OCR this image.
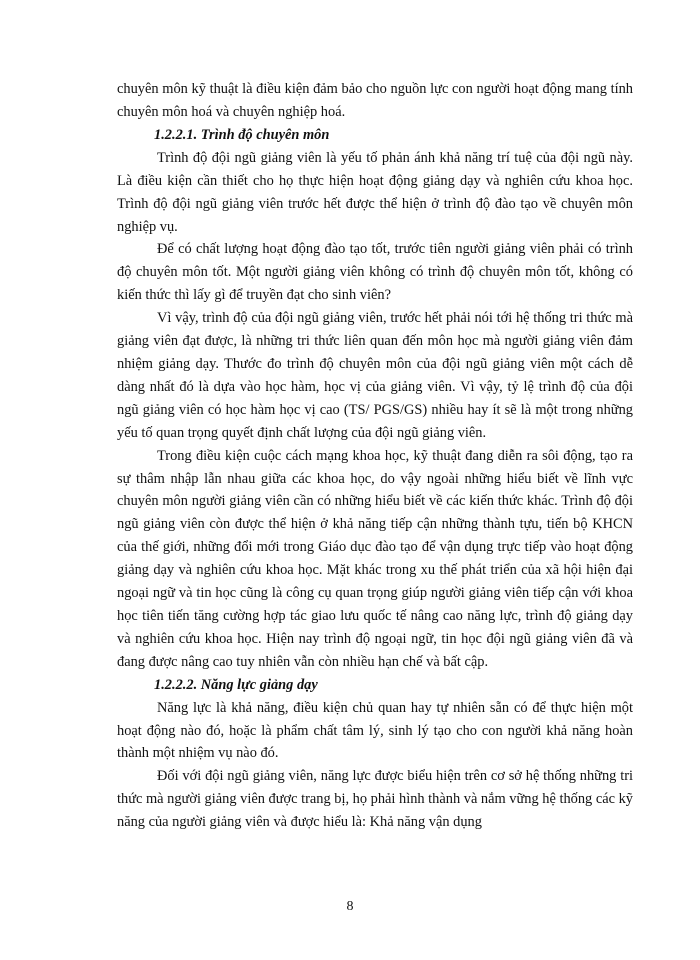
chuyên môn kỹ thuật là điều kiện đảm bảo cho nguồn lực con người hoạt động mang tính chuyên môn hoá và chuyên nghiệp hoá.

1.2.2.1. Trình độ chuyên môn

Trình độ đội ngũ giảng viên là yếu tố phản ánh khả năng trí tuệ của đội ngũ này. Là điều kiện cần thiết cho họ thực hiện hoạt động giảng dạy và nghiên cứu khoa học. Trình độ đội ngũ giảng viên trước hết được thể hiện ở trình độ đào tạo về chuyên môn nghiệp vụ.

Để có chất lượng hoạt động đào tạo tốt, trước tiên người giảng viên phải có trình độ chuyên môn tốt. Một người giảng viên không có trình độ chuyên môn tốt, không có kiến thức thì lấy gì để truyền đạt cho sinh viên?

Vì vậy, trình độ của đội ngũ giảng viên, trước hết phải nói tới hệ thống tri thức mà giảng viên đạt được, là những tri thức liên quan đến môn học mà người giảng viên đảm nhiệm giảng dạy. Thước đo trình độ chuyên môn của đội ngũ giảng viên một cách dễ dàng nhất đó là dựa vào học hàm, học vị của giảng viên. Vì vậy, tỷ lệ trình độ của đội ngũ giảng viên có học hàm học vị cao (TS/ PGS/GS) nhiều hay ít sẽ là một trong những yếu tố quan trọng quyết định chất lượng của đội ngũ giảng viên.

Trong điều kiện cuộc cách mạng khoa học, kỹ thuật đang diễn ra sôi động, tạo ra sự thâm nhập lẫn nhau giữa các khoa học, do vậy ngoài những hiểu biết về lĩnh vực chuyên môn người giảng viên cần có những hiểu biết về các kiến thức khác. Trình độ đội ngũ giảng viên còn được thể hiện ở khả năng tiếp cận những thành tựu, tiến bộ KHCN của thế giới, những đổi mới trong Giáo dục đào tạo để vận dụng trực tiếp vào hoạt động giảng dạy và nghiên cứu khoa học. Mặt khác trong xu thế phát triển của xã hội hiện đại ngoại ngữ và tin học cũng là công cụ quan trọng giúp người giảng viên tiếp cận với khoa học tiên tiến tăng cường hợp tác giao lưu quốc tế nâng cao năng lực, trình độ giảng dạy và nghiên cứu khoa học. Hiện nay trình độ ngoại ngữ, tin học đội ngũ giảng viên đã và đang được nâng cao tuy nhiên vẫn còn nhiều hạn chế và bất cập.

1.2.2.2. Năng lực giảng dạy

Năng lực là khả năng, điều kiện chủ quan hay tự nhiên sẵn có để thực hiện một hoạt động nào đó, hoặc là phẩm chất tâm lý, sinh lý tạo cho con người khả năng hoàn thành một nhiệm vụ nào đó.

Đối với đội ngũ giảng viên, năng lực được biểu hiện trên cơ sở hệ thống những tri thức mà người giảng viên được trang bị, họ phải hình thành và nắm vững hệ thống các kỹ năng của người giảng viên và được hiểu là: Khả năng vận dụng

8
